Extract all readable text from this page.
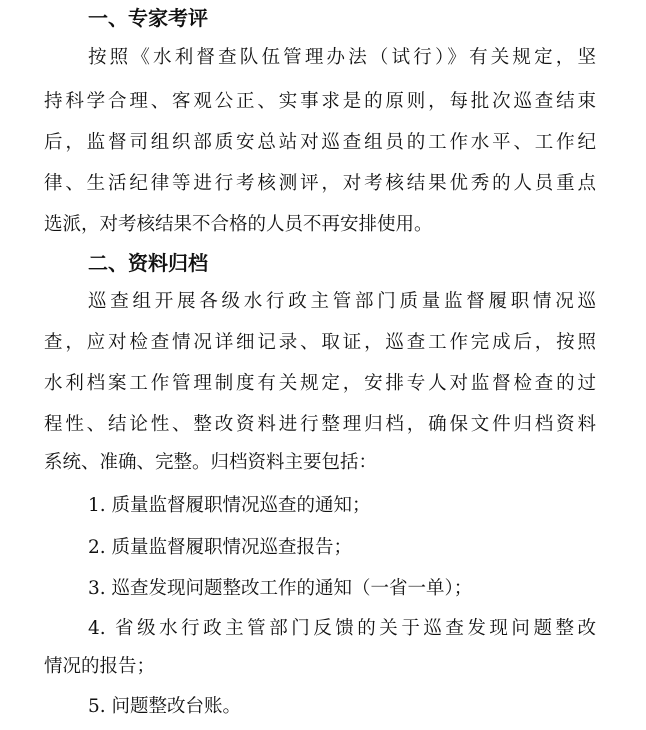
一、专家考评

按照《水利督查队伍管理办法（试行）》有关规定，坚

持科学合理、客观公正、实事求是的原则，每批次巡查结束

后，监督司组织部质安总站对巡查组员的工作水平、工作纪

律、生活纪律等进行考核测评，对考核结果优秀的人员重点

选派，对考核结果不合格的人员不再安排使用。

二、资料归档

巡查组开展各级水行政主管部门质量监督履职情况巡

查，应对检查情况详细记录、取证，巡查工作完成后，按照

水利档案工作管理制度有关规定，安排专人对监督检查的过

程性、结论性、整改资料进行整理归档，确保文件归档资料

系统、准确、完整。归档资料主要包括：

1. 质量监督履职情况巡查的通知；

2. 质量监督履职情况巡查报告；

3. 巡查发现问题整改工作的通知（一省一单）；

4. 省级水行政主管部门反馈的关于巡查发现问题整改

情况的报告；

5. 问题整改台账。
